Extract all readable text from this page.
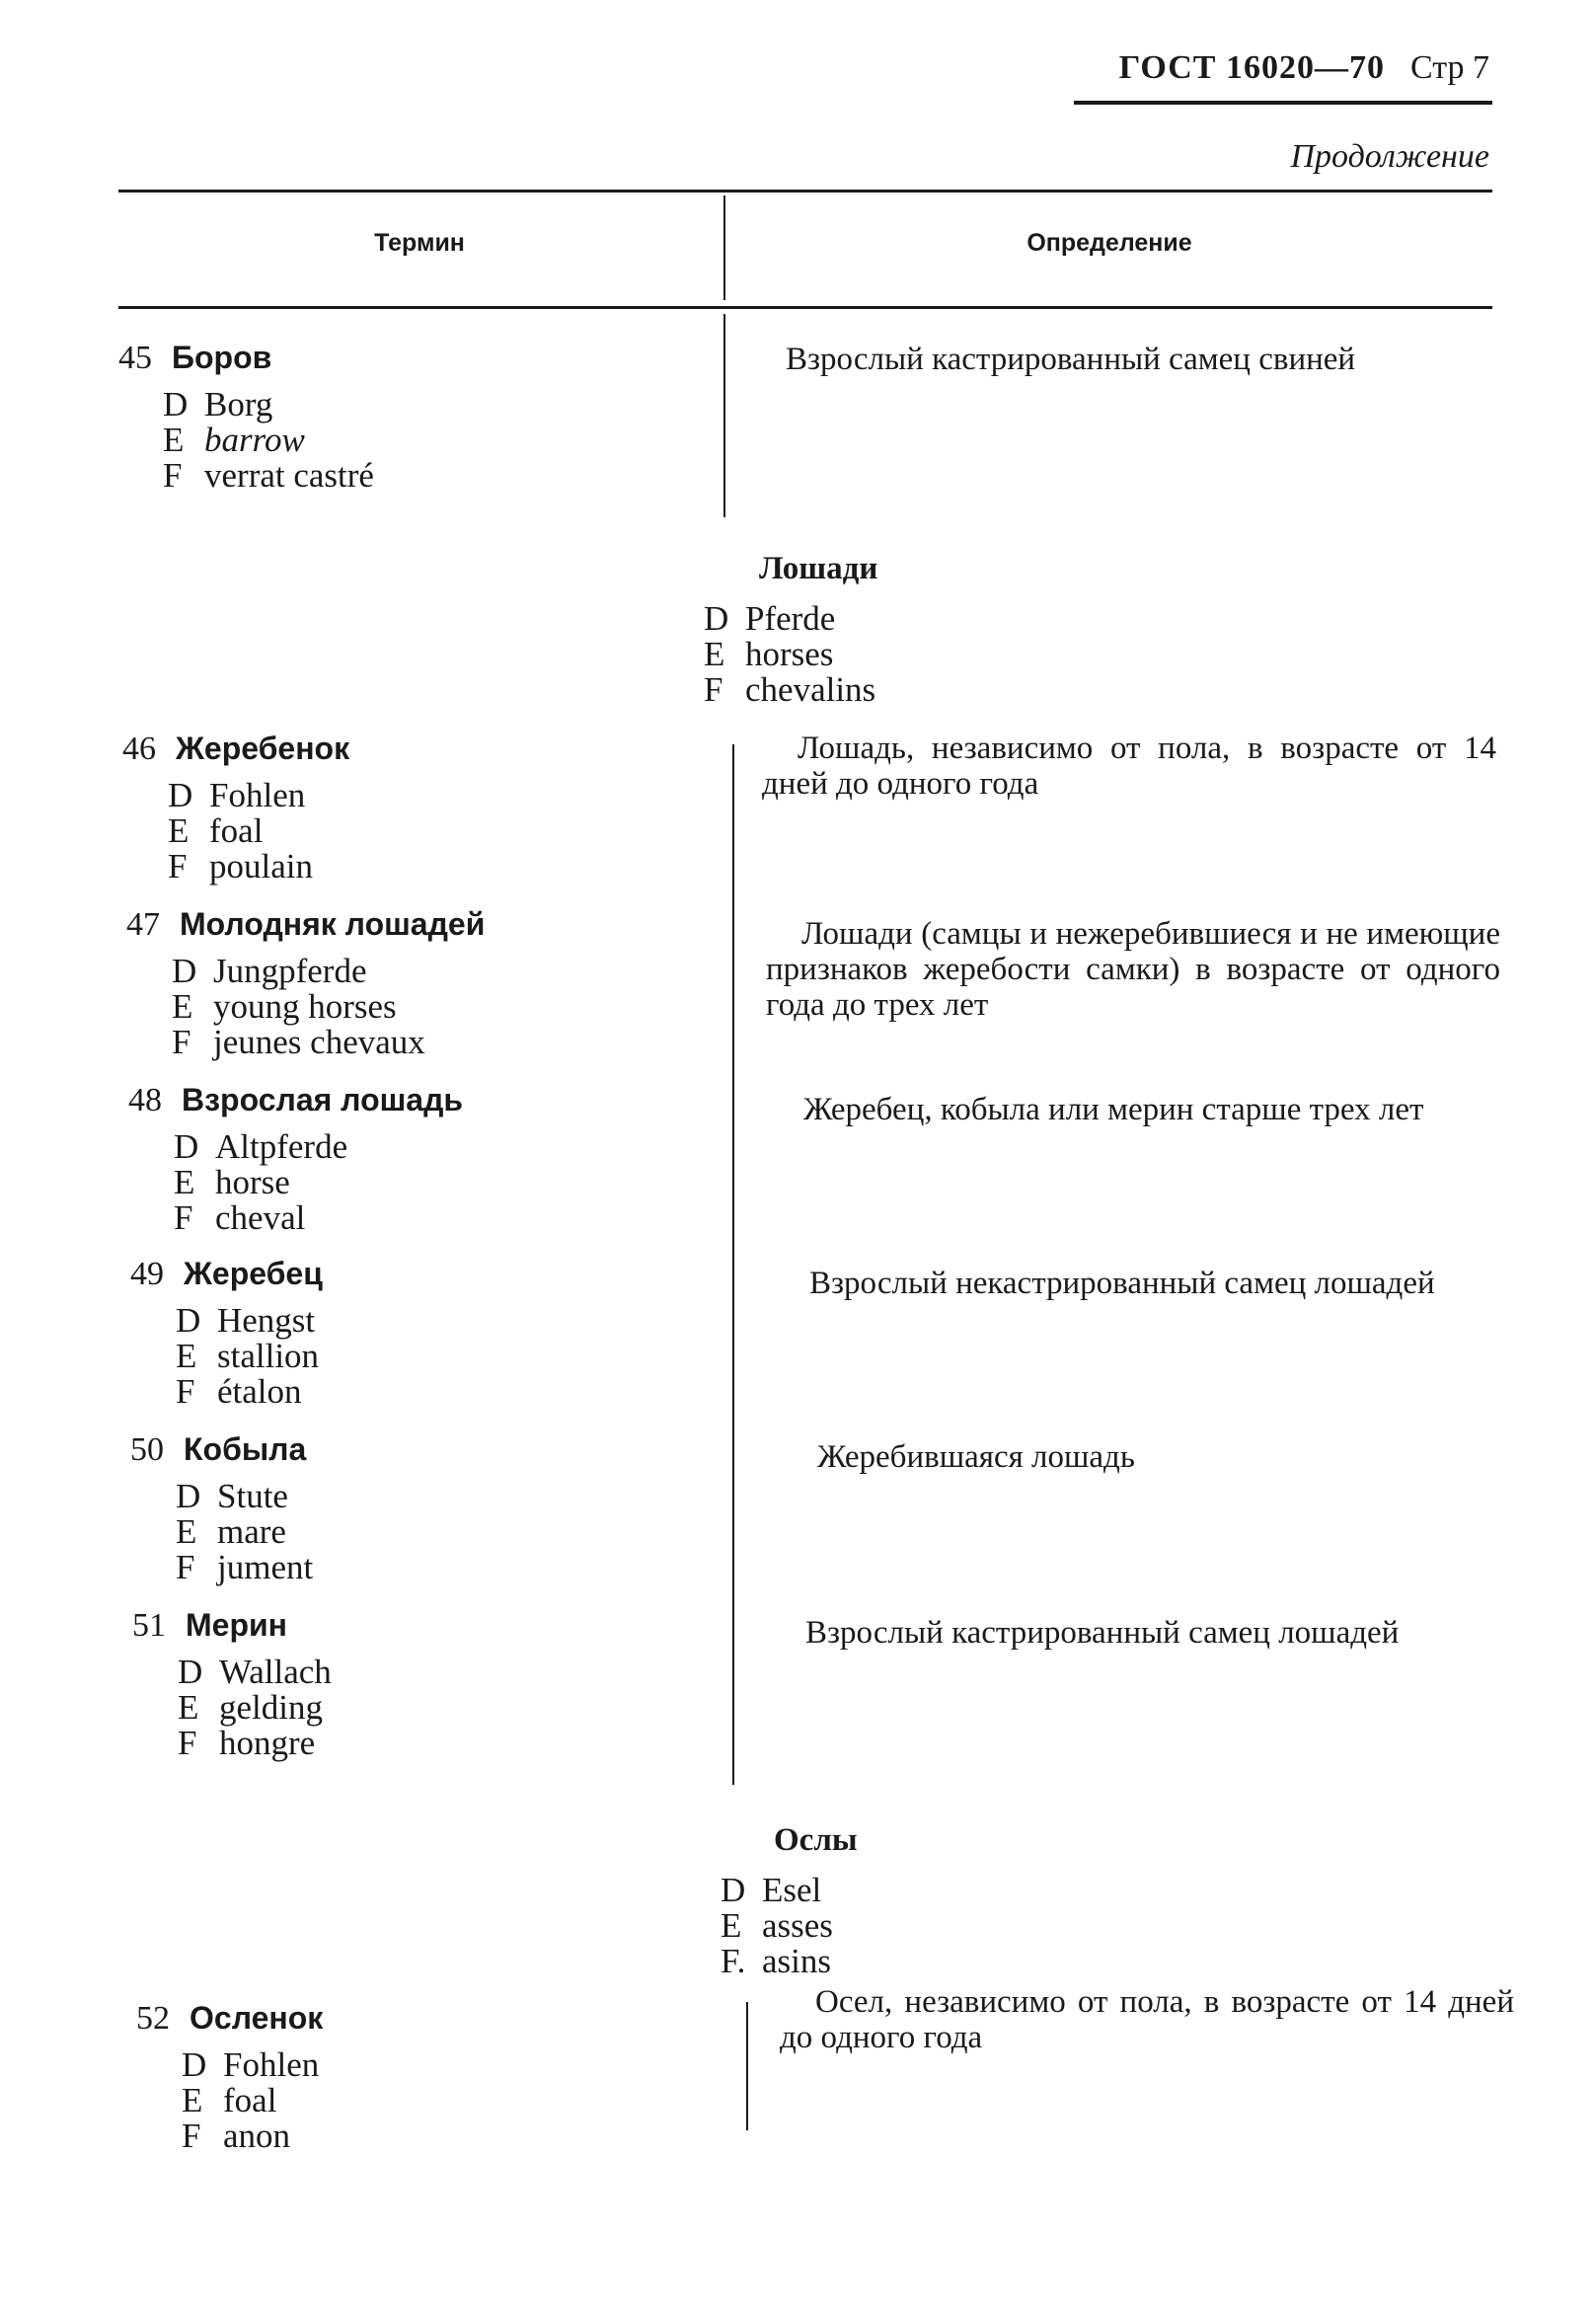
ГОСТ 16020—70 Стр 7
Продолжение
Термин	Определение
45 Боров
D Borg
E barrow
F verrat castré
Взрослый кастрированный самец свиней
Лошади
D Pferde
E horses
F chevalins
46 Жеребенок
D Fohlen
E foal
F poulain
Лошадь, независимо от пола, в возрасте от 14 дней до одного года
47 Молодняк лошадей
D Jungpferde
E young horses
F jeunes chevaux
Лошади (самцы и нежеребившиеся и не имеющие признаков жеребости самки) в возрасте от одного года до трех лет
48 Взрослая лошадь
D Altpferde
E horse
F cheval
Жеребец, кобыла или мерин старше трех лет
49 Жеребец
D Hengst
E stallion
F étalon
Взрослый некастрированный самец лошадей
50 Кобыла
D Stute
E mare
F jument
Жеребившаяся лошадь
51 Мерин
D Wallach
E gelding
F hongre
Взрослый кастрированный самец лошадей
Ослы
D Esel
E asses
F. asins
52 Осленок
D Fohlen
E foal
F anon
Осел, независимо от пола, в возрасте от 14 дней до одного года
